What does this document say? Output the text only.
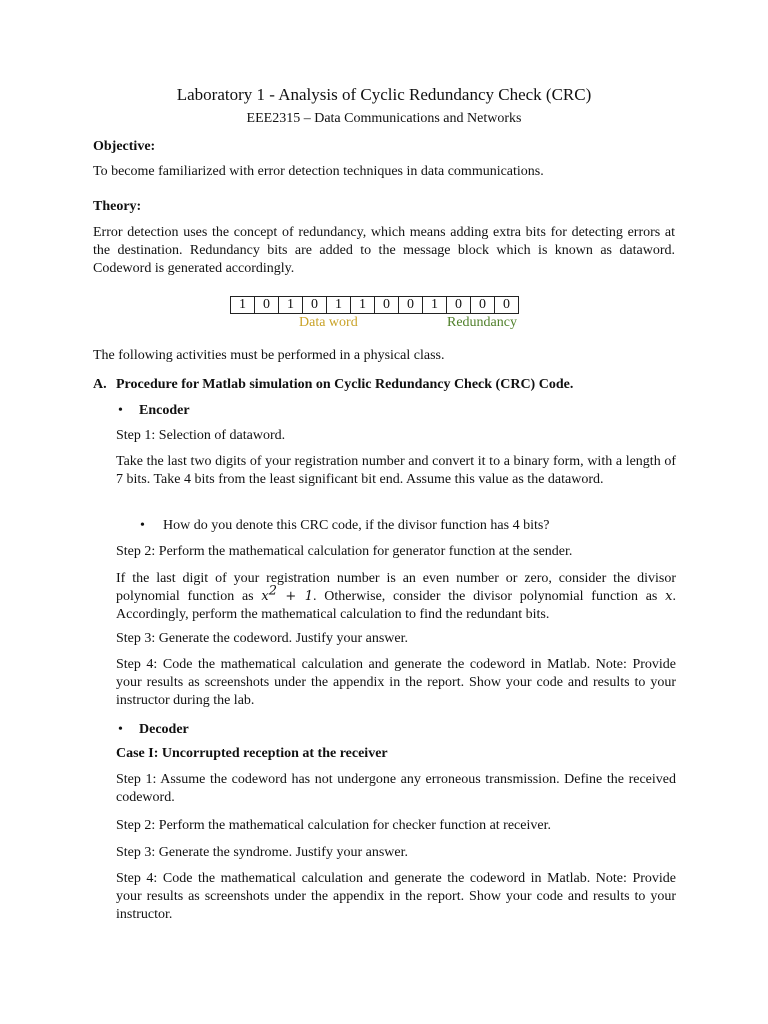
Laboratory 1 - Analysis of Cyclic Redundancy Check (CRC)
EEE2315 – Data Communications and Networks
Objective:
To become familiarized with error detection techniques in data communications.
Theory:
Error detection uses the concept of redundancy, which means adding extra bits for detecting errors at the destination. Redundancy bits are added to the message block which is known as dataword. Codeword is generated accordingly.
1	0	1	0	1	1	0	0	1	0	0	0
Data word	Redundancy
The following activities must be performed in a physical class.
A. Procedure for Matlab simulation on Cyclic Redundancy Check (CRC) Code.
• Encoder
Step 1: Selection of dataword.
Take the last two digits of your registration number and convert it to a binary form, with a length of 7 bits. Take 4 bits from the least significant bit end. Assume this value as the dataword.
• How do you denote this CRC code, if the divisor function has 4 bits?
Step 2: Perform the mathematical calculation for generator function at the sender.
If the last digit of your registration number is an even number or zero, consider the divisor polynomial function as $x^2 + 1$. Otherwise, consider the divisor polynomial function as x. Accordingly, perform the mathematical calculation to find the redundant bits.
Step 3: Generate the codeword. Justify your answer.
Step 4: Code the mathematical calculation and generate the codeword in Matlab. Note: Provide your results as screenshots under the appendix in the report. Show your code and results to your instructor during the lab.
• Decoder
Case I: Uncorrupted reception at the receiver
Step 1: Assume the codeword has not undergone any erroneous transmission. Define the received codeword.
Step 2: Perform the mathematical calculation for checker function at receiver.
Step 3: Generate the syndrome. Justify your answer.
Step 4: Code the mathematical calculation and generate the codeword in Matlab. Note: Provide your results as screenshots under the appendix in the report. Show your code and results to your instructor.
